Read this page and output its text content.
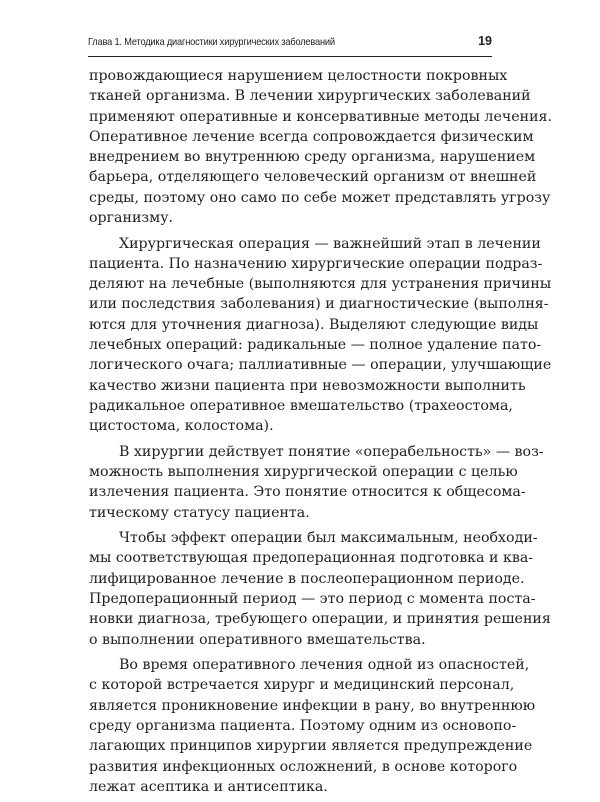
Глава 1. Методика диагностики хирургических заболеваний	19
провождающиеся нарушением целостности покровных
тканей организма. В лечении хирургических заболеваний
применяют оперативные и консервативные методы лечения.
Оперативное лечение всегда сопровождается физическим
внедрением во внутреннюю среду организма, нарушением
барьера, отделяющего человеческий организм от внешней
среды, поэтому оно само по себе может представлять угрозу
организму.
Хирургическая операция — важнейший этап в лечении
пациента. По назначению хирургические операции подраз-
деляют на лечебные (выполняются для устранения причины
или последствия заболевания) и диагностические (выполня-
ются для уточнения диагноза). Выделяют следующие виды
лечебных операций: радикальные — полное удаление пато-
логического очага; паллиативные — операции, улучшающие
качество жизни пациента при невозможности выполнить
радикальное оперативное вмешательство (трахеостома,
цистостома, колостома).
В хирургии действует понятие «операбельность» — воз-
можность выполнения хирургической операции с целью
излечения пациента. Это понятие относится к общесома-
тическому статусу пациента.
Чтобы эффект операции был максимальным, необходи-
мы соответствующая предоперационная подготовка и ква-
лифицированное лечение в послеоперационном периоде.
Предоперационный период — это период с момента поста-
новки диагноза, требующего операции, и принятия решения
о выполнении оперативного вмешательства.
Во время оперативного лечения одной из опасностей,
с которой встречается хирург и медицинский персонал,
является проникновение инфекции в рану, во внутреннюю
среду организма пациента. Поэтому одним из основопо-
лагающих принципов хирургии является предупреждение
развития инфекционных осложнений, в основе которого
лежат асептика и антисептика.
